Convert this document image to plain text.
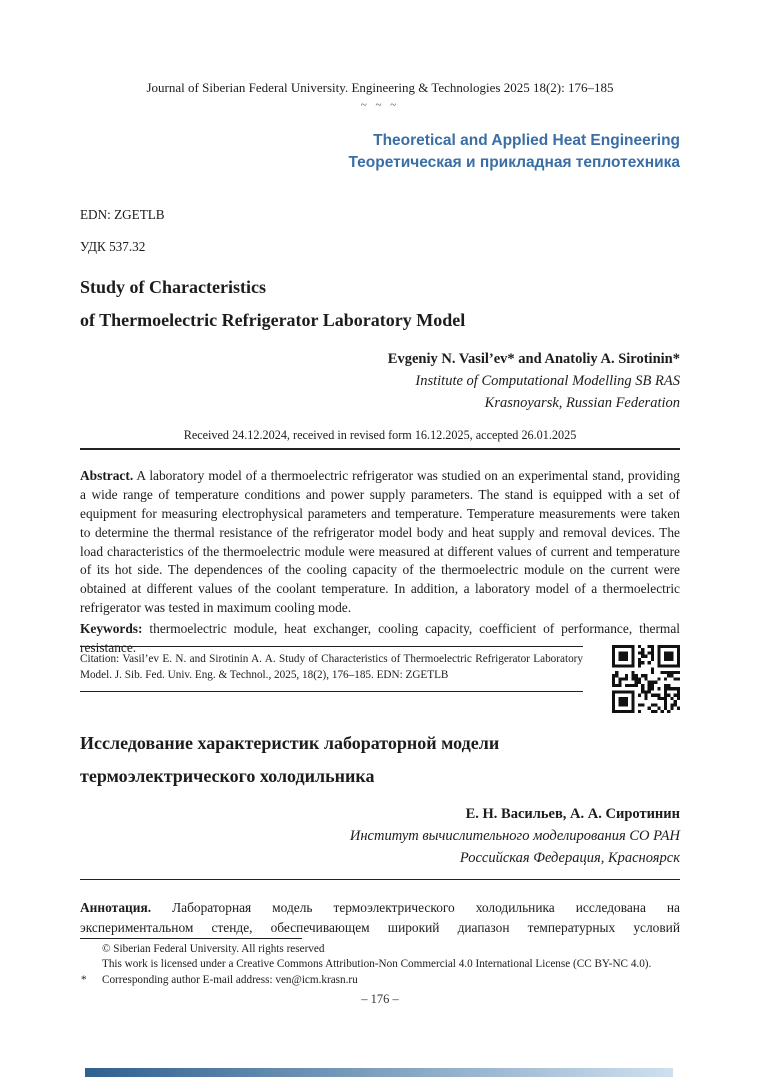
Journal of Siberian Federal University. Engineering & Technologies 2025 18(2): 176–185
~ ~ ~
Theoretical and Applied Heat Engineering
Теоретическая и прикладная теплотехника
EDN: ZGETLB
УДК 537.32
Study of Characteristics
of Thermoelectric Refrigerator Laboratory Model
Evgeniy N. Vasil’ev* and Anatoliy A. Sirotinin*
Institute of Computational Modelling SB RAS
Krasnoyarsk, Russian Federation
Received 24.12.2024, received in revised form 16.12.2025, accepted 26.01.2025

Abstract. A laboratory model of a thermoelectric refrigerator was studied on an experimental stand, providing a wide range of temperature conditions and power supply parameters. The stand is equipped with a set of equipment for measuring electrophysical parameters and temperature. Temperature measurements were taken to determine the thermal resistance of the refrigerator model body and heat supply and removal devices. The load characteristics of the thermoelectric module were measured at different values of current and temperature of its hot side. The dependences of the cooling capacity of the thermoelectric module on the current were obtained at different values of the coolant temperature. In addition, a laboratory model of a thermoelectric refrigerator was tested in maximum cooling mode.

Keywords: thermoelectric module, heat exchanger, cooling capacity, coefficient of performance, thermal resistance.

Citation: Vasil’ev E. N. and Sirotinin A. A. Study of Characteristics of Thermoelectric Refrigerator Laboratory Model. J. Sib. Fed. Univ. Eng. & Technol., 2025, 18(2), 176–185. EDN: ZGETLB
Исследование характеристик лабораторной модели
термоэлектрического холодильника
Е. Н. Васильев, А. А. Сиротинин
Институт вычислительного моделирования СО РАН
Российская Федерация, Красноярск

Аннотация. Лабораторная модель термоэлектрического холодильника исследована на экспериментальном стенде, обеспечивающем широкий диапазон температурных условий

© Siberian Federal University. All rights reserved
This work is licensed under a Creative Commons Attribution-Non Commercial 4.0 International License (CC BY-NC 4.0).
* Corresponding author E-mail address: ven@icm.krasn.ru
– 176 –
